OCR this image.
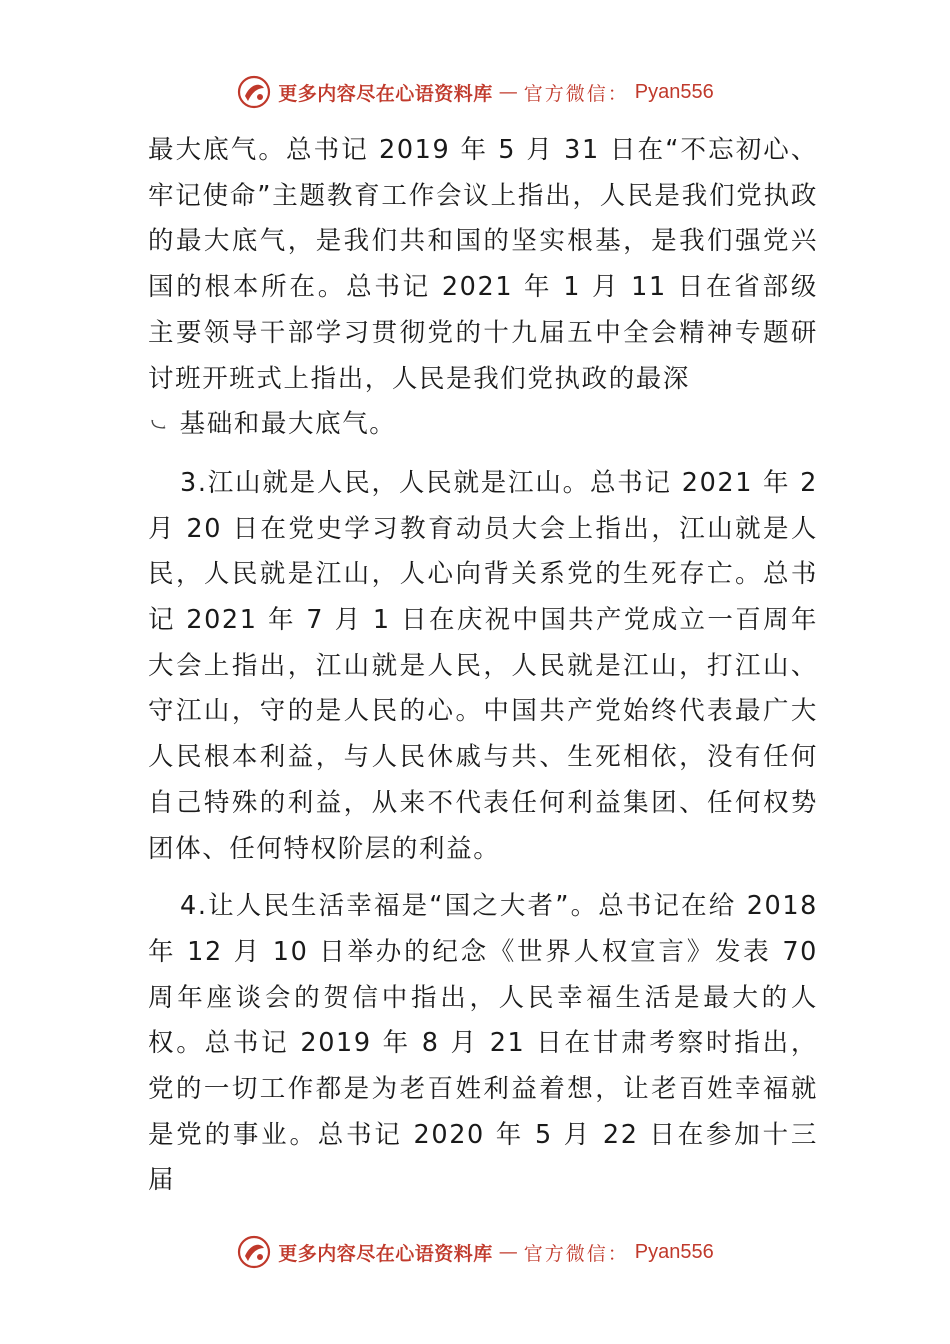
更多内容尽在心语资料库 — 官方微信： Pyan556

最大底气。总书记 2019 年 5 月 31 日在“不忘初心、牢记使命”主题教育工作会议上指出，人民是我们党执政的最大底气，是我们共和国的坚实根基，是我们强党兴国的根本所在。总书记 2021 年 1 月 11 日在省部级主要领导干部学习贯彻党的十九届五中全会精神专题研讨班开班式上指出，人民是我们党执政的最深

㇃ 基础和最大底气。

3.江山就是人民，人民就是江山。总书记 2021 年 2 月 20 日在党史学习教育动员大会上指出，江山就是人民，人民就是江山，人心向背关系党的生死存亡。总书记 2021 年 7 月 1 日在庆祝中国共产党成立一百周年大会上指出，江山就是人民，人民就是江山，打江山、守江山，守的是人民的心。中国共产党始终代表最广大人民根本利益，与人民休戚与共、生死相依，没有任何自己特殊的利益，从来不代表任何利益集团、任何权势团体、任何特权阶层的利益。

4.让人民生活幸福是“国之大者”。总书记在给 2018 年 12 月 10 日举办的纪念《世界人权宣言》发表 70 周年座谈会的贺信中指出，人民幸福生活是最大的人权。总书记 2019 年 8 月 21 日在甘肃考察时指出，党的一切工作都是为老百姓利益着想，让老百姓幸福就是党的事业。总书记 2020 年 5 月 22 日在参加十三届

更多内容尽在心语资料库 — 官方微信： Pyan556
